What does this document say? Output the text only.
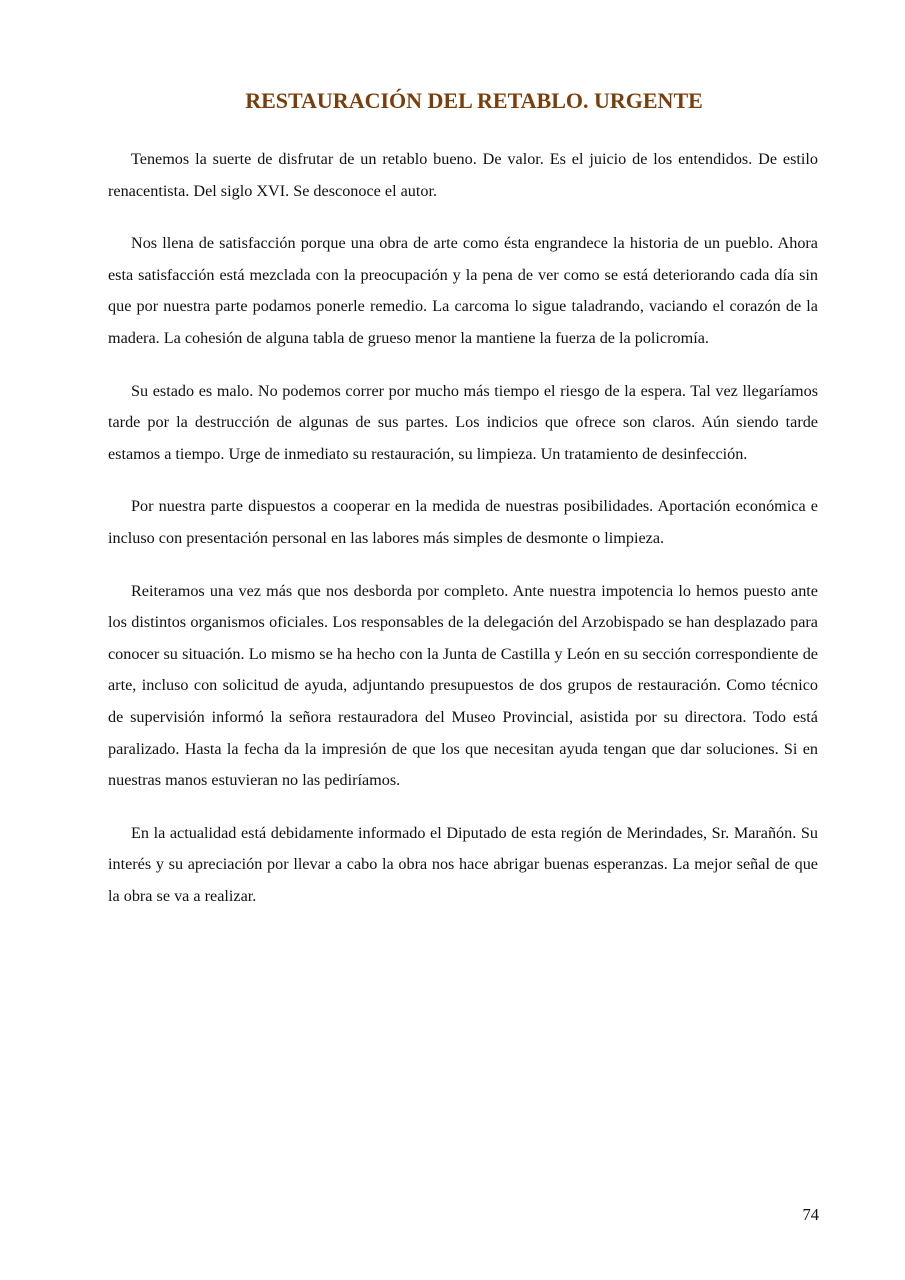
RESTAURACIÓN DEL RETABLO. URGENTE

Tenemos la suerte de disfrutar de un retablo bueno. De valor. Es el juicio de los entendidos. De estilo renacentista. Del siglo XVI. Se desconoce el autor.

Nos llena de satisfacción porque una obra de arte como ésta engrandece la historia de un pueblo. Ahora esta satisfacción está mezclada con la preocupación y la pena de ver como se está deteriorando cada día sin que por nuestra parte podamos ponerle remedio. La carcoma lo sigue taladrando, vaciando el corazón de la madera. La cohesión de alguna tabla de grueso menor la mantiene la fuerza de la policromía.

Su estado es malo. No podemos correr por mucho más tiempo el riesgo de la espera. Tal vez llegaríamos tarde por la destrucción de algunas de sus partes. Los indicios que ofrece son claros. Aún siendo tarde estamos a tiempo. Urge de inmediato su restauración, su limpieza. Un tratamiento de desinfección.

Por nuestra parte dispuestos a cooperar en la medida de nuestras posibilidades. Aportación económica e incluso con presentación personal en las labores más simples de desmonte o limpieza.

Reiteramos una vez más que nos desborda por completo. Ante nuestra impotencia lo hemos puesto ante los distintos organismos oficiales. Los responsables de la delegación del Arzobispado se han desplazado para conocer su situación. Lo mismo se ha hecho con la Junta de Castilla y León en su sección correspondiente de arte, incluso con solicitud de ayuda, adjuntando presupuestos de dos grupos de restauración. Como técnico de supervisión informó la señora restauradora del Museo Provincial, asistida por su directora. Todo está paralizado. Hasta la fecha da la impresión de que los que necesitan ayuda tengan que dar soluciones. Si en nuestras manos estuvieran no las pediríamos.

En la actualidad está debidamente informado el Diputado de esta región de Merindades, Sr. Marañón. Su interés y su apreciación por llevar a cabo la obra nos hace abrigar buenas esperanzas. La mejor señal de que la obra se va a realizar.

74
